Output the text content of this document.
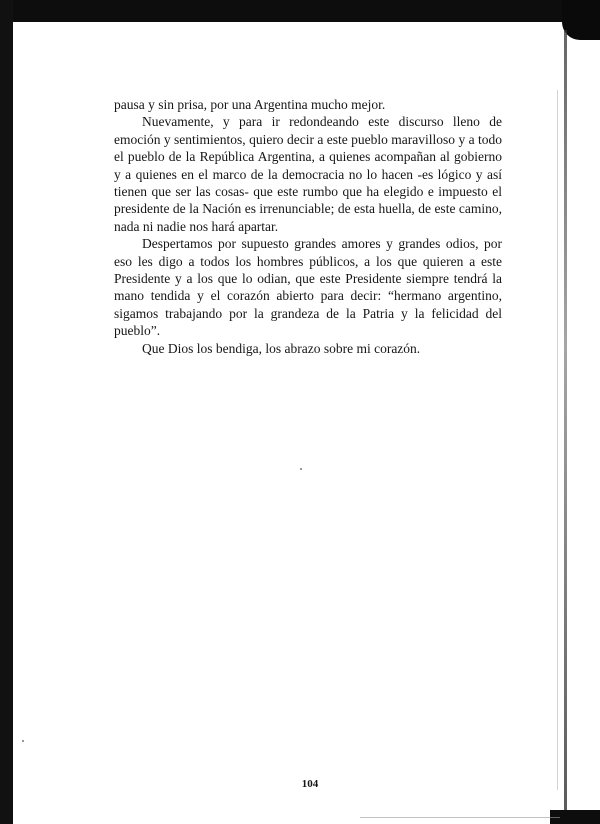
pausa y sin prisa, por una Argentina mucho mejor.

Nuevamente, y para ir redondeando este discurso lleno de emoción y sentimientos, quiero decir a este pueblo maravilloso y a todo el pueblo de la República Argentina, a quienes acompañan al gobierno y a quienes en el marco de la democracia no lo hacen -es lógico y así tienen que ser las cosas- que este rumbo que ha elegido e impuesto el presidente de la Nación es irrenunciable; de esta huella, de este camino, nada ni nadie nos hará apartar.

Despertamos por supuesto grandes amores y grandes odios, por eso les digo a todos los hombres públicos, a los que quieren a este Presidente y a los que lo odian, que este Presidente siempre tendrá la mano tendida y el corazón abierto para decir: “hermano argentino, sigamos trabajando por la grandeza de la Patria y la felicidad del pueblo”.

Que Dios los bendiga, los abrazo sobre mi corazón.

104
